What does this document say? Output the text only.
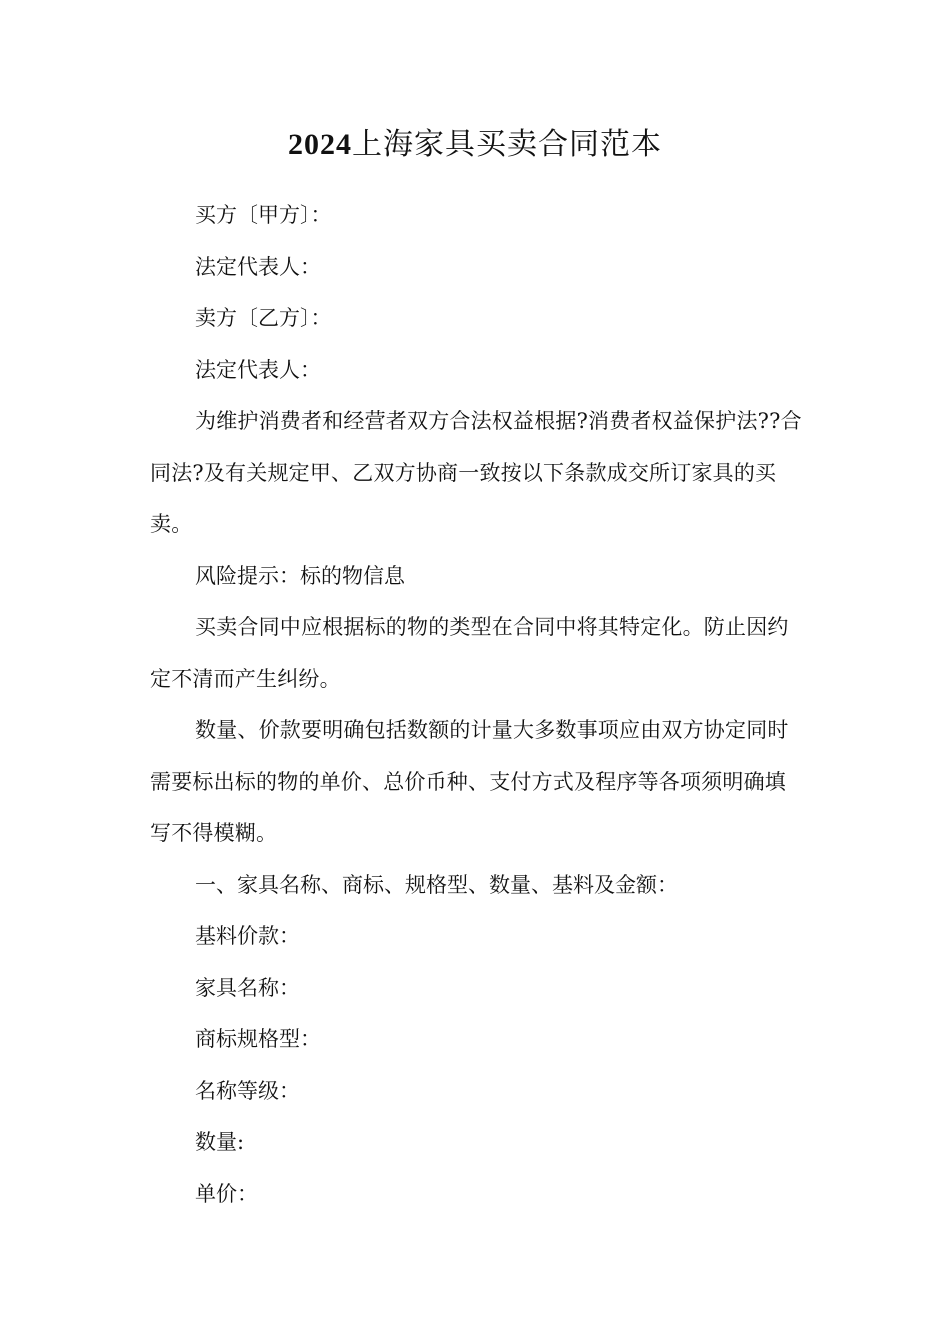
2024上海家具买卖合同范本

买方〔甲方〕：

法定代表人：

卖方〔乙方〕：

法定代表人：

为维护消费者和经营者双方合法权益根据?消费者权益保护法??合同法?及有关规定甲、乙双方协商一致按以下条款成交所订家具的买卖。

风险提示：标的物信息

买卖合同中应根据标的物的类型在合同中将其特定化。防止因约定不清而产生纠纷。

数量、价款要明确包括数额的计量大多数事项应由双方协定同时需要标出标的物的单价、总价币种、支付方式及程序等各项须明确填写不得模糊。

一、家具名称、商标、规格型、数量、基料及金额：

基料价款：

家具名称：

商标规格型：

名称等级：

数量:

单价：
